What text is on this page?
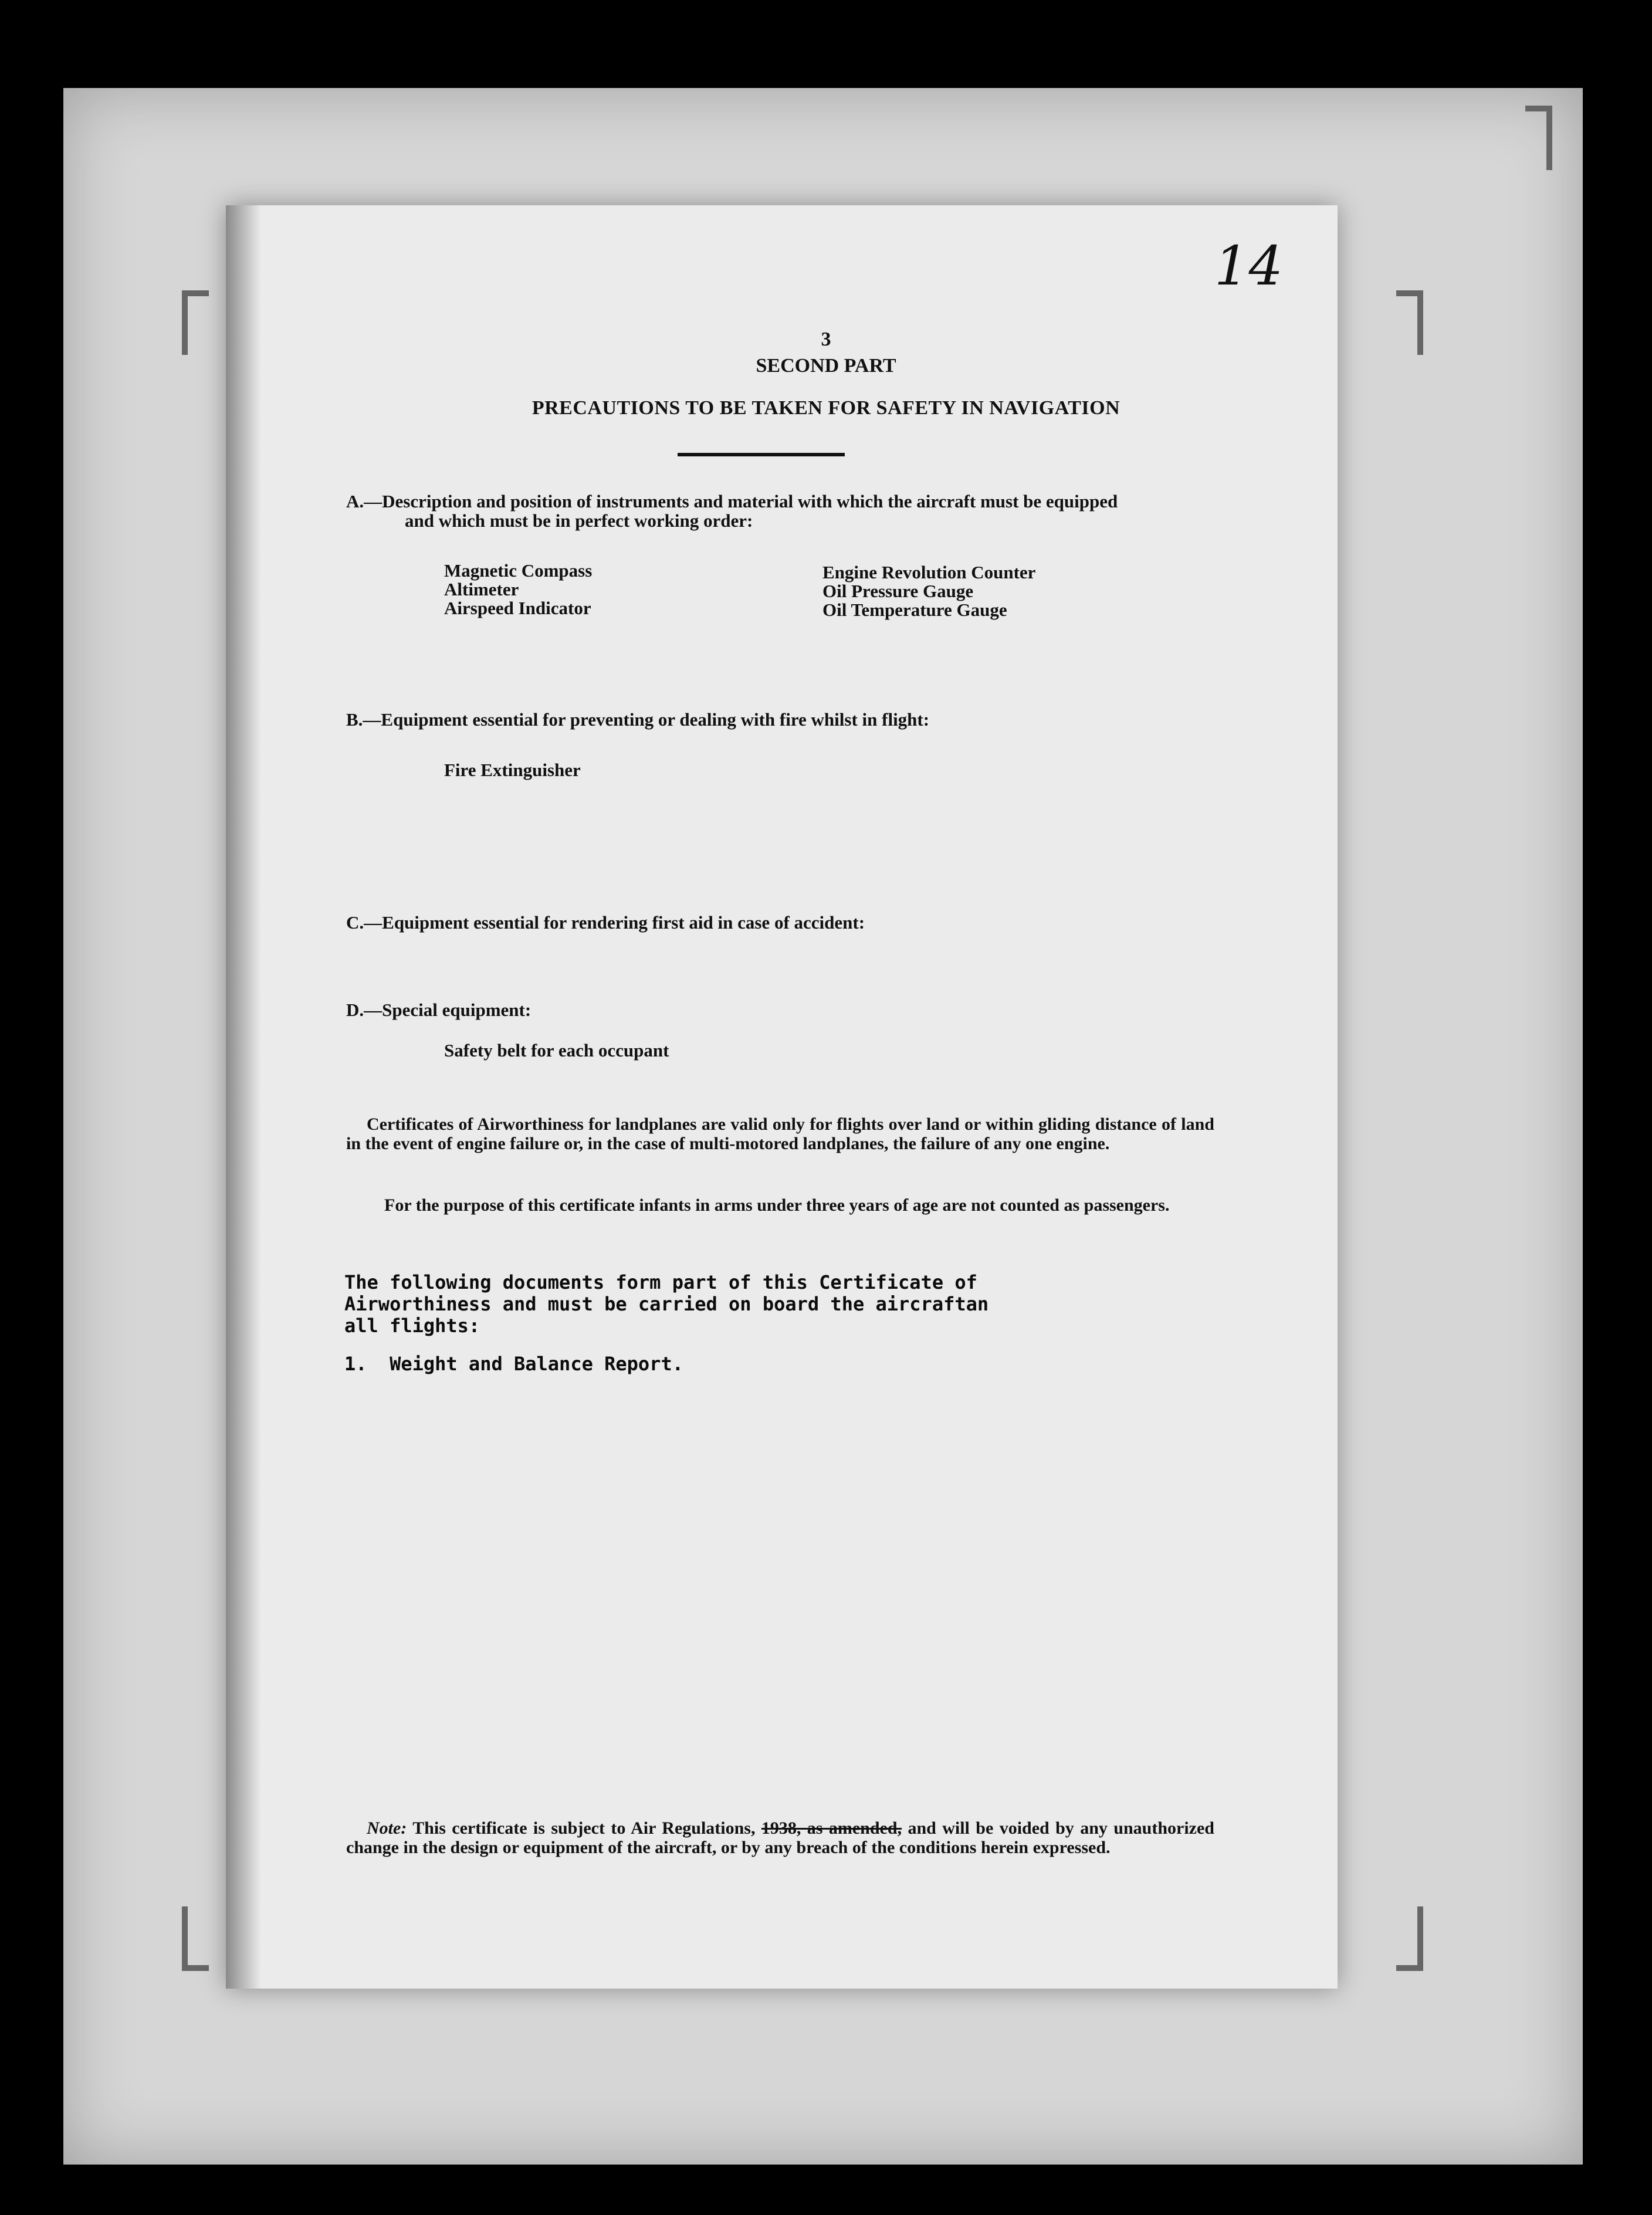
14
3
SECOND PART
PRECAUTIONS TO BE TAKEN FOR SAFETY IN NAVIGATION
A.—Description and position of instruments and material with which the aircraft must be equipped
and which must be in perfect working order:
Magnetic Compass
Altimeter
Airspeed Indicator
Engine Revolution Counter
Oil Pressure Gauge
Oil Temperature Gauge
B.—Equipment essential for preventing or dealing with fire whilst in flight:
Fire Extinguisher
C.—Equipment essential for rendering first aid in case of accident:
D.—Special equipment:
Safety belt for each occupant
Certificates of Airworthiness for landplanes are valid only for flights over land or within gliding distance of land in the event of engine failure or, in the case of multi-motored landplanes, the failure of any one engine.
For the purpose of this certificate infants in arms under three years of age are not counted as passengers.
The following documents form part of this Certificate of
Airworthiness and must be carried on board the aircraftan
all flights:
1.  Weight and Balance Report.
Note: This certificate is subject to Air Regulations, 1938, as amended, and will be voided by any unauthorized change in the design or equipment of the aircraft, or by any breach of the conditions herein expressed.
